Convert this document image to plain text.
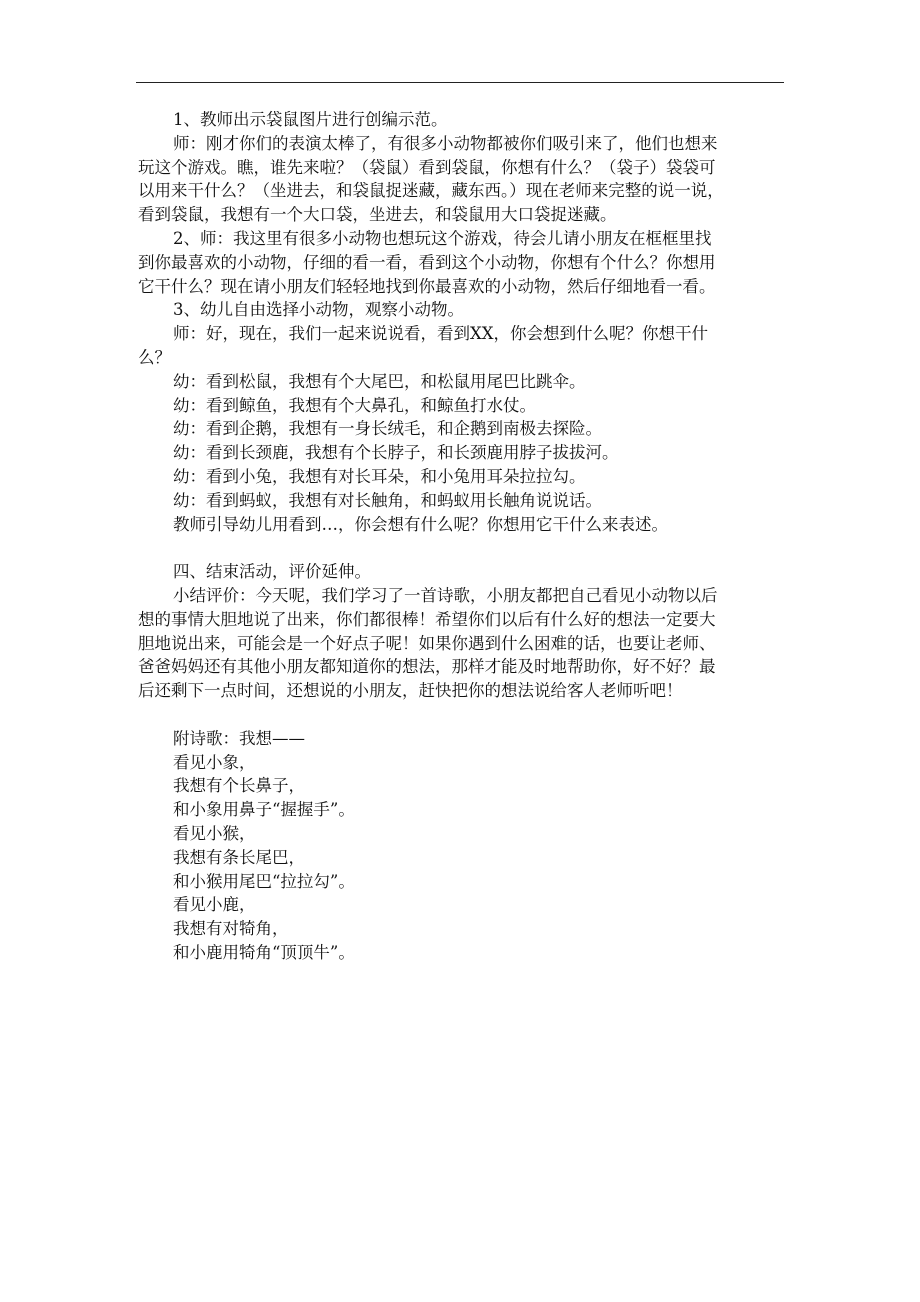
1、教师出示袋鼠图片进行创编示范。
师：刚才你们的表演太棒了，有很多小动物都被你们吸引来了，他们也想来
玩这个游戏。瞧，谁先来啦？（袋鼠）看到袋鼠，你想有什么？（袋子）袋袋可
以用来干什么？（坐进去，和袋鼠捉迷藏，藏东西。）现在老师来完整的说一说，
看到袋鼠，我想有一个大口袋，坐进去，和袋鼠用大口袋捉迷藏。
2、师：我这里有很多小动物也想玩这个游戏，待会儿请小朋友在框框里找
到你最喜欢的小动物，仔细的看一看，看到这个小动物，你想有个什么？你想用
它干什么？现在请小朋友们轻轻地找到你最喜欢的小动物，然后仔细地看一看。
3、幼儿自由选择小动物，观察小动物。
师：好，现在，我们一起来说说看，看到XX，你会想到什么呢？你想干什
么？
幼：看到松鼠，我想有个大尾巴，和松鼠用尾巴比跳伞。
幼：看到鲸鱼，我想有个大鼻孔，和鲸鱼打水仗。
幼：看到企鹅，我想有一身长绒毛，和企鹅到南极去探险。
幼：看到长颈鹿，我想有个长脖子，和长颈鹿用脖子拔拔河。
幼：看到小兔，我想有对长耳朵，和小兔用耳朵拉拉勾。
幼：看到蚂蚁，我想有对长触角，和蚂蚁用长触角说说话。
教师引导幼儿用看到…，你会想有什么呢？你想用它干什么来表述。
四、结束活动，评价延伸。
小结评价：今天呢，我们学习了一首诗歌，小朋友都把自己看见小动物以后
想的事情大胆地说了出来，你们都很棒！希望你们以后有什么好的想法一定要大
胆地说出来，可能会是一个好点子呢！如果你遇到什么困难的话，也要让老师、
爸爸妈妈还有其他小朋友都知道你的想法，那样才能及时地帮助你，好不好？最
后还剩下一点时间，还想说的小朋友，赶快把你的想法说给客人老师听吧！
附诗歌：我想——
看见小象，
我想有个长鼻子，
和小象用鼻子“握握手”。
看见小猴，
我想有条长尾巴，
和小猴用尾巴“拉拉勾”。
看见小鹿，
我想有对犄角，
和小鹿用犄角“顶顶牛”。
